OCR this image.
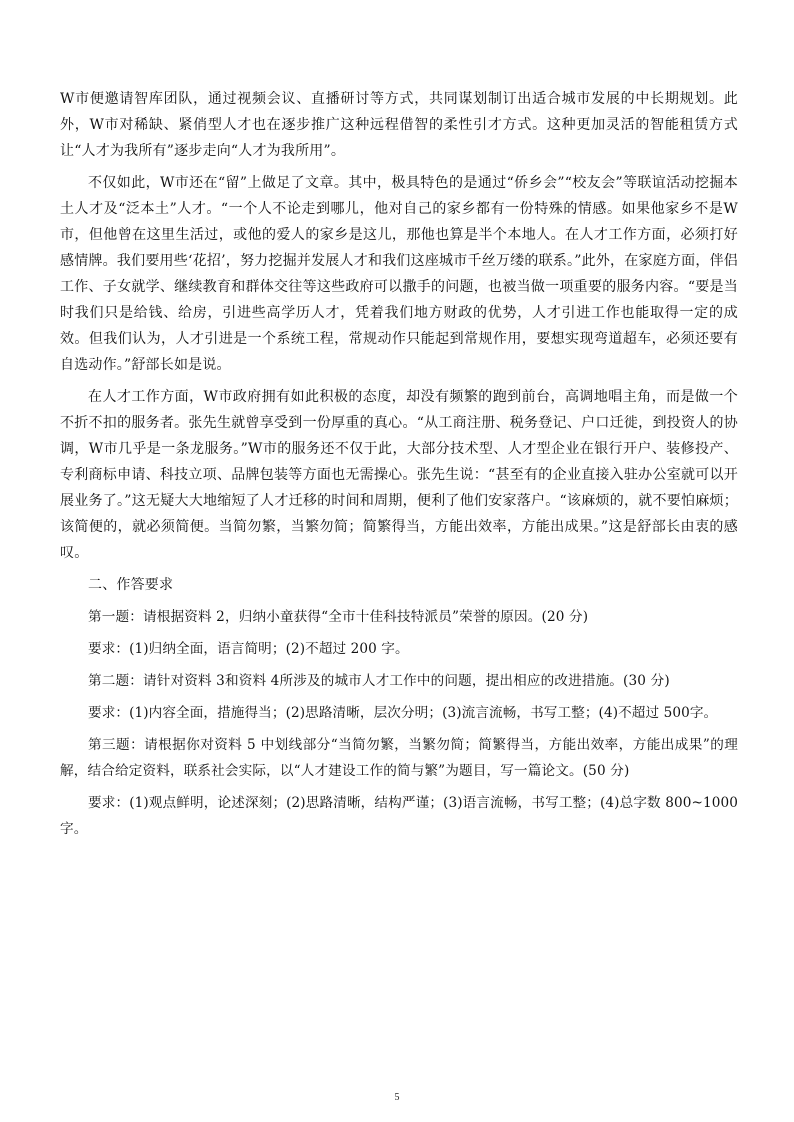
W市便邀请智库团队，通过视频会议、直播研讨等方式，共同谋划制订出适合城市发展的中长期规划。此外，W市对稀缺、紧俏型人才也在逐步推广这种远程借智的柔性引才方式。这种更加灵活的智能租赁方式让“人才为我所有”逐步走向“人才为我所用”。

不仅如此，W市还在“留”上做足了文章。其中，极具特色的是通过“侨乡会”“校友会”等联谊活动挖掘本土人才及“泛本土”人才。“一个人不论走到哪儿，他对自己的家乡都有一份特殊的情感。如果他家乡不是W市，但他曾在这里生活过，或他的爱人的家乡是这儿，那他也算是半个本地人。在人才工作方面，必须打好感情牌。我们要用些‘花招’，努力挖掘并发展人才和我们这座城市千丝万缕的联系。”此外，在家庭方面，伴侣工作、子女就学、继续教育和群体交往等这些政府可以撒手的问题，也被当做一项重要的服务内容。“要是当时我们只是给钱、给房，引进些高学历人才，凭着我们地方财政的优势，人才引进工作也能取得一定的成效。但我们认为，人才引进是一个系统工程，常规动作只能起到常规作用，要想实现弯道超车，必须还要有自选动作。”舒部长如是说。

在人才工作方面，W市政府拥有如此积极的态度，却没有频繁的跑到前台，高调地唱主角，而是做一个不折不扣的服务者。张先生就曾享受到一份厚重的真心。“从工商注册、税务登记、户口迁徙，到投资人的协调，W市几乎是一条龙服务。”W市的服务还不仅于此，大部分技术型、人才型企业在银行开户、装修投产、专利商标申请、科技立项、品牌包装等方面也无需操心。张先生说：“甚至有的企业直接入驻办公室就可以开展业务了。”这无疑大大地缩短了人才迁移的时间和周期，便利了他们安家落户。“该麻烦的，就不要怕麻烦；该简便的，就必须简便。当简勿繁，当繁勿简；简繁得当，方能出效率，方能出成果。”这是舒部长由衷的感叹。

二、作答要求

第一题：请根据资料 2，归纳小童获得“全市十佳科技特派员”荣誉的原因。(20 分)

要求：(1)归纳全面，语言简明；(2)不超过 200 字。

第二题：请针对资料 3和资料 4所涉及的城市人才工作中的问题，提出相应的改进措施。(30 分)

要求：(1)内容全面，措施得当；(2)思路清晰，层次分明；(3)流言流畅，书写工整；(4)不超过 500字。

第三题：请根据你对资料 5 中划线部分“当简勿繁，当繁勿简；简繁得当，方能出效率，方能出成果”的理解，结合给定资料，联系社会实际，以“人才建设工作的简与繁”为题目，写一篇论文。(50 分)

要求：(1)观点鲜明，论述深刻；(2)思路清晰，结构严谨；(3)语言流畅，书写工整；(4)总字数 800~1000 字。

5
